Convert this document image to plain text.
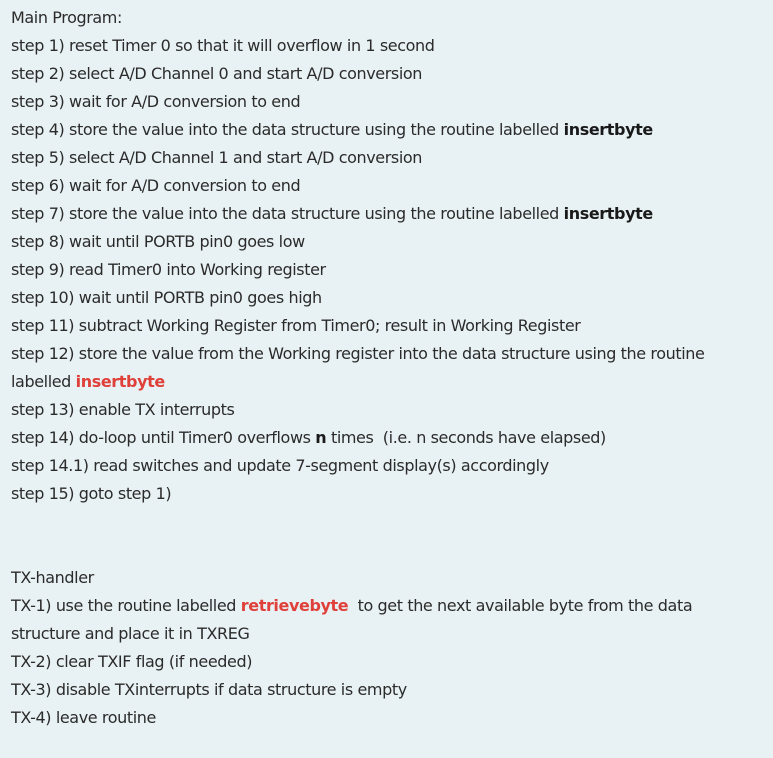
Main Program:
step 1) reset Timer 0 so that it will overflow in 1 second
step 2) select A/D Channel 0 and start A/D conversion
step 3) wait for A/D conversion to end
step 4) store the value into the data structure using the routine labelled insertbyte
step 5) select A/D Channel 1 and start A/D conversion
step 6) wait for A/D conversion to end
step 7) store the value into the data structure using the routine labelled insertbyte
step 8) wait until PORTB pin0 goes low
step 9) read Timer0 into Working register
step 10) wait until PORTB pin0 goes high
step 11) subtract Working Register from Timer0; result in Working Register
step 12) store the value from the Working register into the data structure using the routine labelled insertbyte
step 13) enable TX interrupts
step 14) do-loop until Timer0 overflows n times  (i.e. n seconds have elapsed)
step 14.1) read switches and update 7-segment display(s) accordingly
step 15) goto step 1)
TX-handler
TX-1) use the routine labelled retrievebyte  to get the next available byte from the data structure and place it in TXREG
TX-2) clear TXIF flag (if needed)
TX-3) disable TXinterrupts if data structure is empty
TX-4) leave routine
